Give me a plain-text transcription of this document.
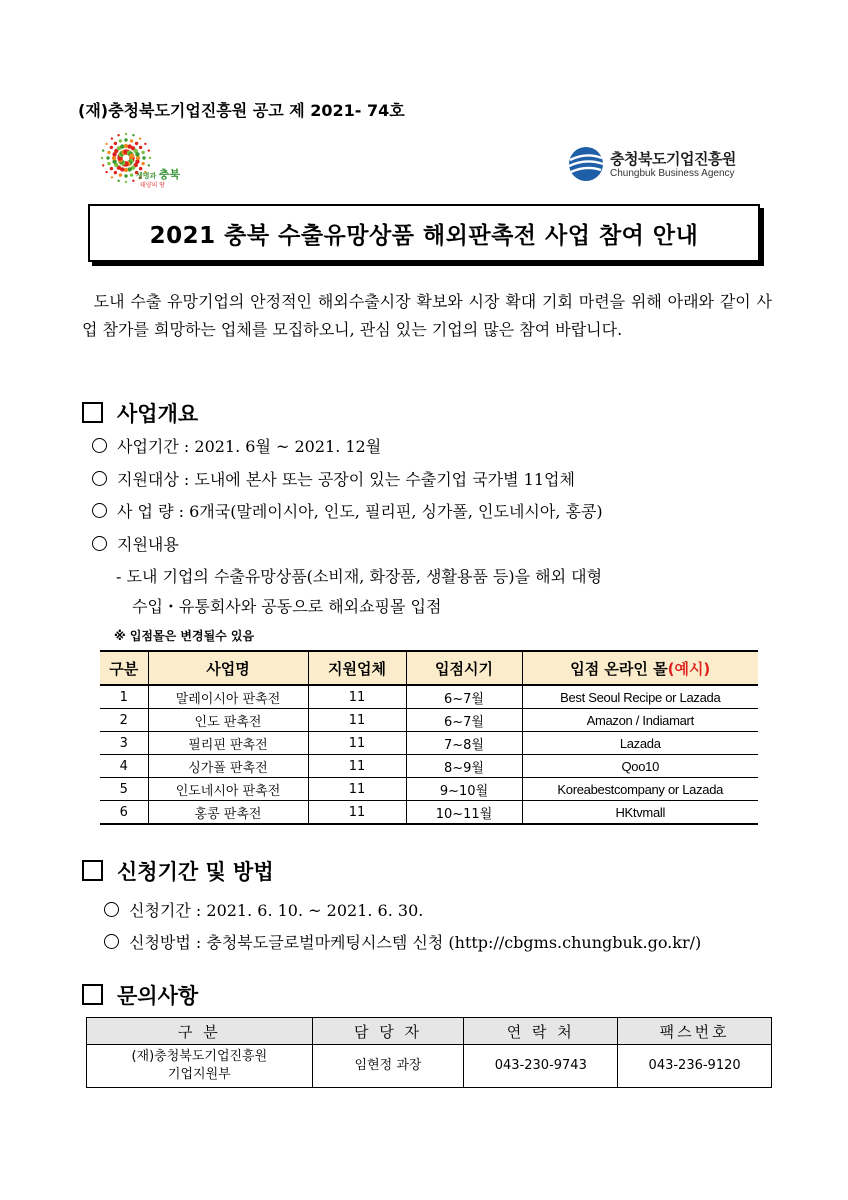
(재)충청북도기업진흥원 공고 제 2021- 74호
생명과 충북
태양의 땅
충청북도기업진흥원
Chungbuk Business Agency
2021 충북 수출유망상품 해외판촉전 사업 참여 안내
도내 수출 유망기업의 안정적인 해외수출시장 확보와 시장 확대 기회 마련을 위해 아래와 같이 사업 참가를 희망하는 업체를 모집하오니, 관심 있는 기업의 많은 참여 바랍니다.
사업개요
사업기간 : 2021. 6월 ~ 2021. 12월
지원대상 : 도내에 본사 또는 공장이 있는 수출기업 국가별 11업체
사 업 량 : 6개국(말레이시아, 인도, 필리핀, 싱가폴, 인도네시아, 홍콩)
지원내용
- 도내 기업의 수출유망상품(소비재, 화장품, 생활용품 등)을 해외 대형
수입・유통회사와 공동으로 해외쇼핑몰 입점
※ 입점몰은 변경될수 있음
구분	사업명	지원업체	입점시기	입점 온라인 몰(예시)
1	말레이시아 판촉전	11	6~7월	Best Seoul Recipe or Lazada
2	인도 판촉전	11	6~7월	Amazon / Indiamart
3	필리핀 판촉전	11	7~8월	Lazada
4	싱가폴 판촉전	11	8~9월	Qoo10
5	인도네시아 판촉전	11	9~10월	Koreabestcompany or Lazada
6	홍콩 판촉전	11	10~11월	HKtvmall
신청기간 및 방법
신청기간 : 2021. 6. 10. ~ 2021. 6. 30.
신청방법 : 충청북도글로벌마케팅시스템 신청 (http://cbgms.chungbuk.go.kr/)
문의사항
구 분	담 당 자	연 락 처	팩스번호
(재)충청북도기업진흥원
기업지원부	임현정 과장	043-230-9743	043-236-9120
